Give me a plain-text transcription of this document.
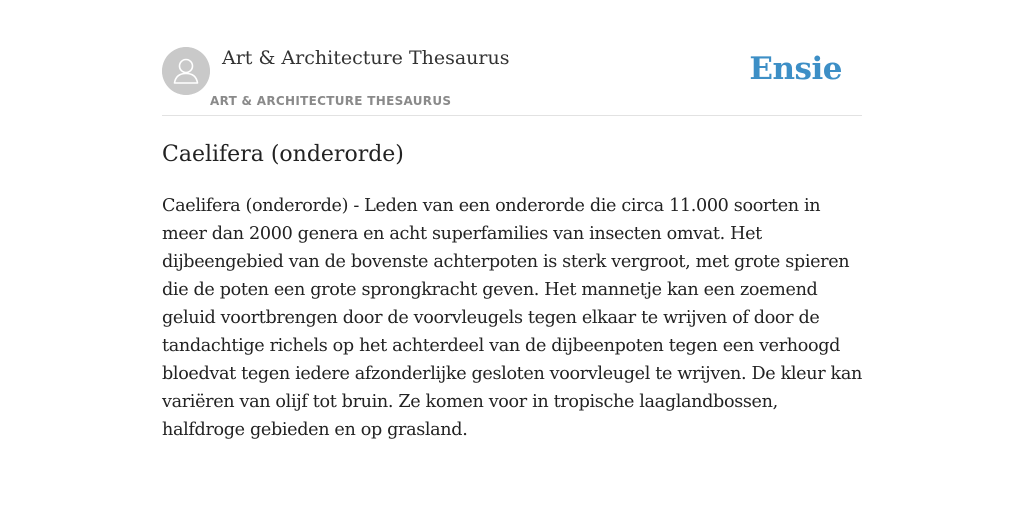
Art & Architecture Thesaurus
ART & ARCHITECTURE THESAURUS
Ensie
Caelifera (onderorde)

Caelifera (onderorde) - Leden van een onderorde die circa 11.000 soorten in meer dan 2000 genera en acht superfamilies van insecten omvat. Het dijbeengebied van de bovenste achterpoten is sterk vergroot, met grote spieren die de poten een grote sprongkracht geven. Het mannetje kan een zoemend geluid voortbrengen door de voorvleugels tegen elkaar te wrijven of door de tandachtige richels op het achterdeel van de dijbeenpoten tegen een verhoogd bloedvat tegen iedere afzonderlijke gesloten voorvleugel te wrijven. De kleur kan variëren van olijf tot bruin. Ze komen voor in tropische laaglandbossen, halfdroge gebieden en op grasland.
